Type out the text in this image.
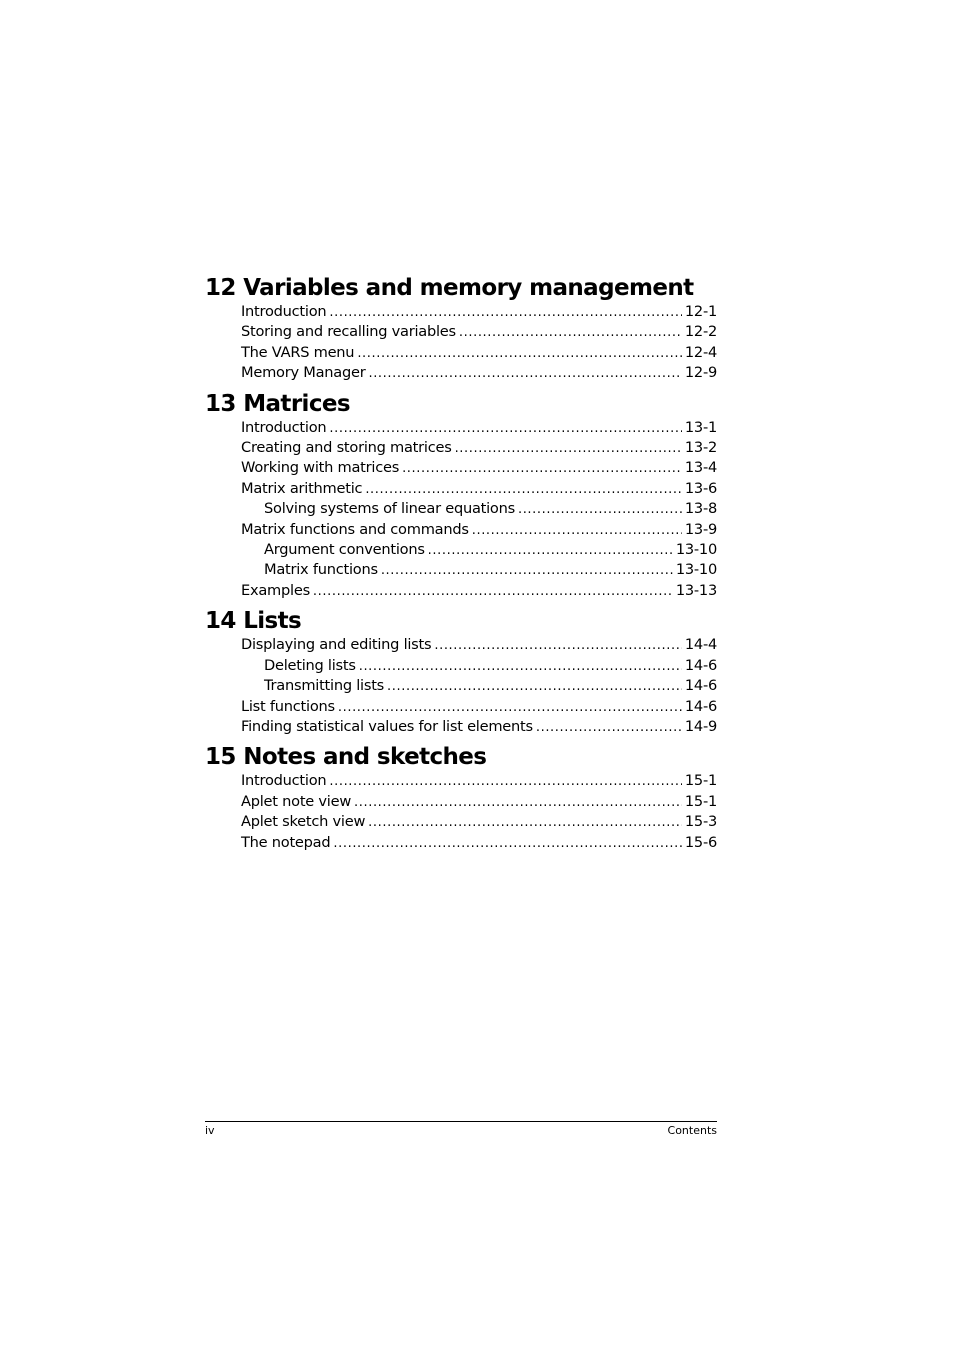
12 Variables and memory management
Introduction .....	12-1
Storing and recalling variables .....	12-2
The VARS menu .....	12-4
Memory Manager .....	12-9
13 Matrices
Introduction .....	13-1
Creating and storing matrices .....	13-2
Working with matrices .....	13-4
Matrix arithmetic .....	13-6
Solving systems of linear equations .....	13-8
Matrix functions and commands .....	13-9
Argument conventions .....	13-10
Matrix functions .....	13-10
Examples .....	13-13
14 Lists
Displaying and editing lists .....	14-4
Deleting lists .....	14-6
Transmitting lists .....	14-6
List functions .....	14-6
Finding statistical values for list elements .....	14-9
15 Notes and sketches
Introduction .....	15-1
Aplet note view .....	15-1
Aplet sketch view .....	15-3
The notepad .....	15-6
iv	Contents
